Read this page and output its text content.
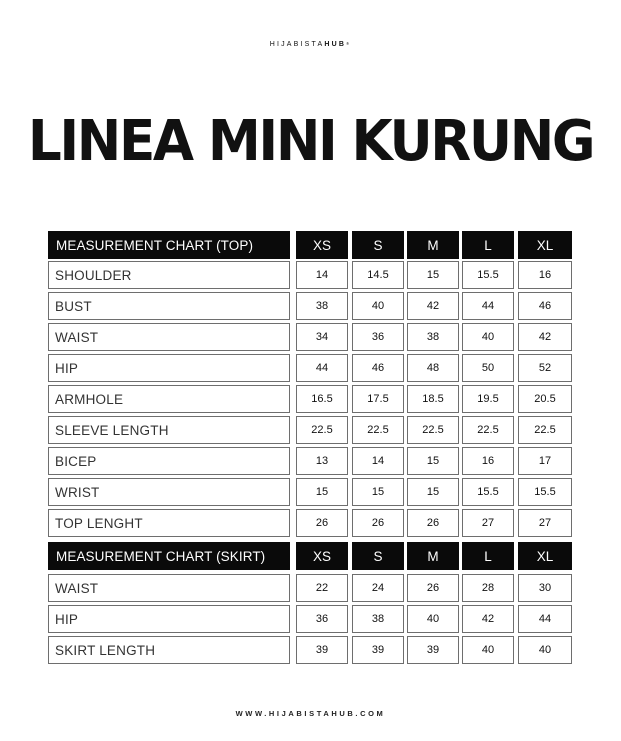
HIJABISTAHUB®
LINEA MINI KURUNG
MEASUREMENT CHART (TOP)	XS	S	M	L	XL
SHOULDER	14	14.5	15	15.5	16
BUST	38	40	42	44	46
WAIST	34	36	38	40	42
HIP	44	46	48	50	52
ARMHOLE	16.5	17.5	18.5	19.5	20.5
SLEEVE LENGTH	22.5	22.5	22.5	22.5	22.5
BICEP	13	14	15	16	17
WRIST	15	15	15	15.5	15.5
TOP LENGHT	26	26	26	27	27
MEASUREMENT CHART (SKIRT)	XS	S	M	L	XL
WAIST	22	24	26	28	30
HIP	36	38	40	42	44
SKIRT LENGTH	39	39	39	40	40
WWW.HIJABISTAHUB.COM
